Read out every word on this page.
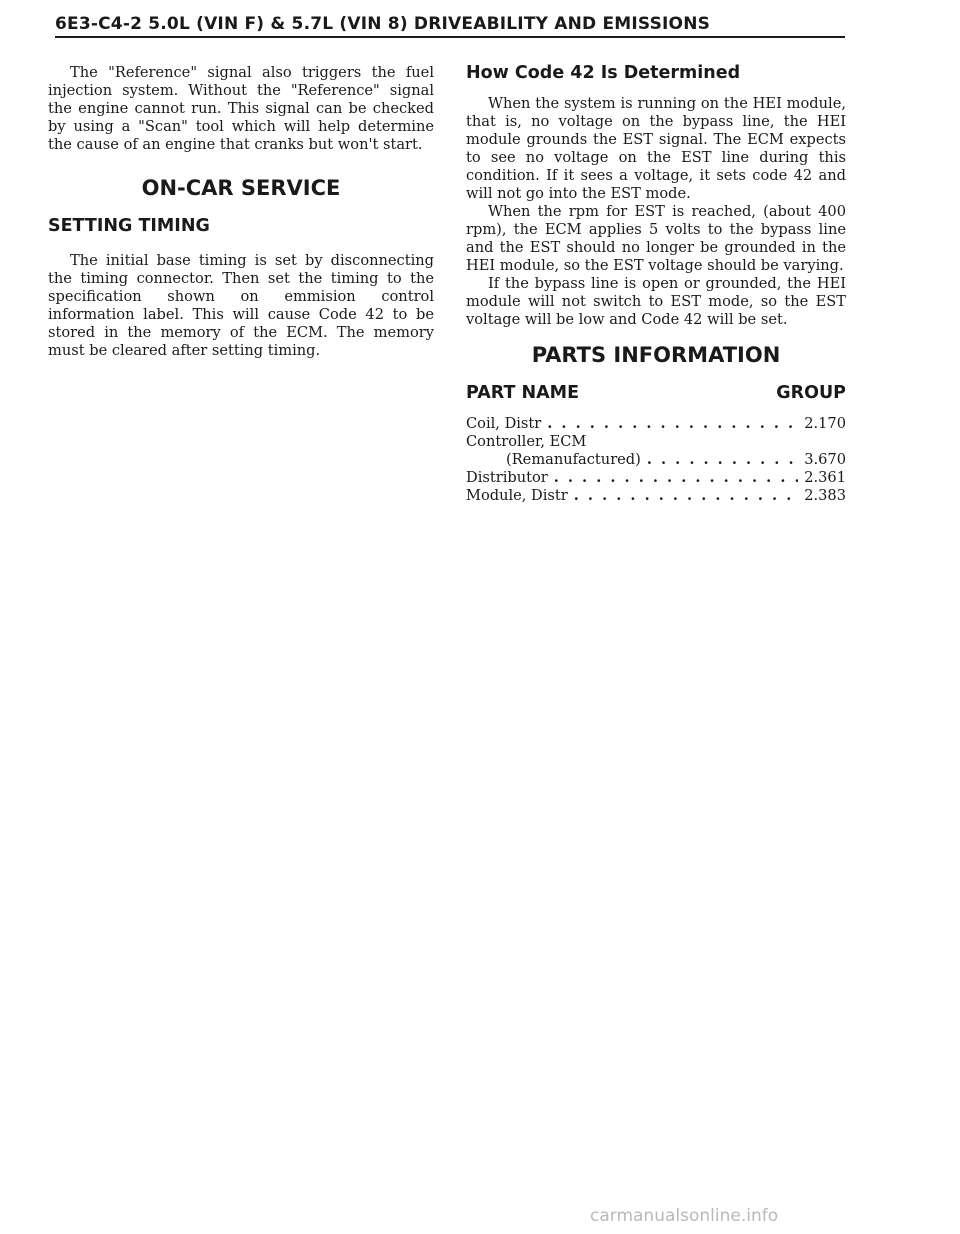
6E3-C4-2 5.0L (VIN F) & 5.7L (VIN 8) DRIVEABILITY AND EMISSIONS

The "Reference" signal also triggers the fuel injection system. Without the "Reference" signal the engine cannot run. This signal can be checked by using a "Scan" tool which will help determine the cause of an engine that cranks but won't start.

ON-CAR SERVICE
SETTING TIMING

The initial base timing is set by disconnecting the timing connector. Then set the timing to the specification shown on emmision control information label. This will cause Code 42 to be stored in the memory of the ECM. The memory must be cleared after setting timing.

How Code 42 Is Determined

When the system is running on the HEI module, that is, no voltage on the bypass line, the HEI module grounds the EST signal. The ECM expects to see no voltage on the EST line during this condition. If it sees a voltage, it sets code 42 and will not go into the EST mode.

When the rpm for EST is reached, (about 400 rpm), the ECM applies 5 volts to the bypass line and the EST should no longer be grounded in the HEI module, so the EST voltage should be varying.

If the bypass line is open or grounded, the HEI module will not switch to EST mode, so the EST voltage will be low and Code 42 will be set.

PARTS INFORMATION
PART NAME	GROUP
Coil, Distr . . .	2.170
Controller, ECM
(Remanufactured) . . .	3.670
Distributor . . .	2.361
Module, Distr . . .	2.383
carmanualsonline.info
